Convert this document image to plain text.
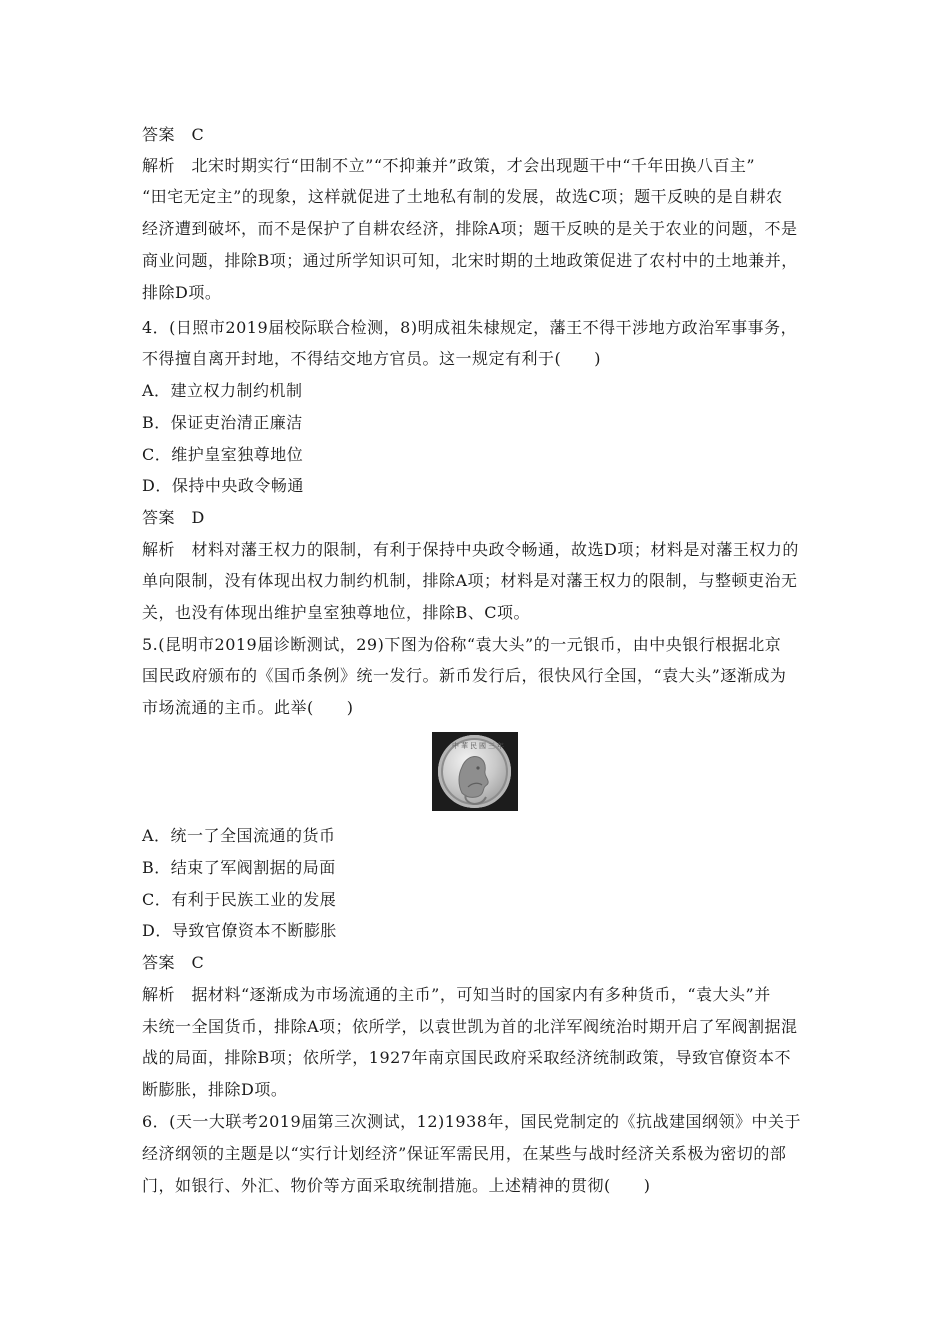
答案　C
解析　北宋时期实行“田制不立”“不抑兼并”政策，才会出现题干中“千年田换八百主”
“田宅无定主”的现象，这样就促进了土地私有制的发展，故选C项；题干反映的是自耕农
经济遭到破坏，而不是保护了自耕农经济，排除A项；题干反映的是关于农业的问题，不是
商业问题，排除B项；通过所学知识可知，北宋时期的土地政策促进了农村中的土地兼并，
排除D项。
4．(日照市2019届校际联合检测，8)明成祖朱棣规定，藩王不得干涉地方政治军事事务，
不得擅自离开封地，不得结交地方官员。这一规定有利于(　　)
A．建立权力制约机制
B．保证吏治清正廉洁
C．维护皇室独尊地位
D．保持中央政令畅通
答案　D
解析　材料对藩王权力的限制，有利于保持中央政令畅通，故选D项；材料是对藩王权力的
单向限制，没有体现出权力制约机制，排除A项；材料是对藩王权力的限制，与整顿吏治无
关，也没有体现出维护皇室独尊地位，排除B、C项。
5.(昆明市2019届诊断测试，29)下图为俗称“袁大头”的一元银币，由中央银行根据北京
国民政府颁布的《国币条例》统一发行。新币发行后，很快风行全国，“袁大头”逐渐成为
市场流通的主币。此举(　　)
中華民國三年
A．统一了全国流通的货币
B．结束了军阀割据的局面
C．有利于民族工业的发展
D．导致官僚资本不断膨胀
答案　C
解析　据材料“逐渐成为市场流通的主币”，可知当时的国家内有多种货币，“袁大头”并
未统一全国货币，排除A项；依所学，以袁世凯为首的北洋军阀统治时期开启了军阀割据混
战的局面，排除B项；依所学，1927年南京国民政府采取经济统制政策，导致官僚资本不
断膨胀，排除D项。
6．(天一大联考2019届第三次测试，12)1938年，国民党制定的《抗战建国纲领》中关于
经济纲领的主题是以“实行计划经济”保证军需民用，在某些与战时经济关系极为密切的部
门，如银行、外汇、物价等方面采取统制措施。上述精神的贯彻(　　)
